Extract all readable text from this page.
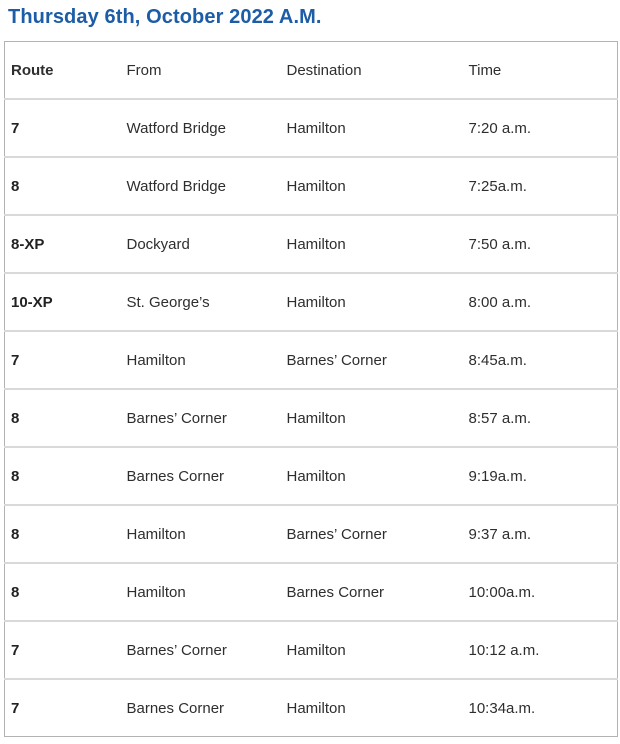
Thursday 6th, October 2022 A.M.
Route	From	Destination	Time
7	Watford Bridge	Hamilton	7:20 a.m.
8	Watford Bridge	Hamilton	7:25a.m.
8-XP	Dockyard	Hamilton	7:50 a.m.
10-XP	St. George’s	Hamilton	8:00 a.m.
7	Hamilton	Barnes’ Corner	8:45a.m.
8	Barnes’ Corner	Hamilton	8:57 a.m.
8	Barnes Corner	Hamilton	9:19a.m.
8	Hamilton	Barnes’ Corner	9:37 a.m.
8	Hamilton	Barnes Corner	10:00a.m.
7	Barnes’ Corner	Hamilton	10:12 a.m.
7	Barnes Corner	Hamilton	10:34a.m.
